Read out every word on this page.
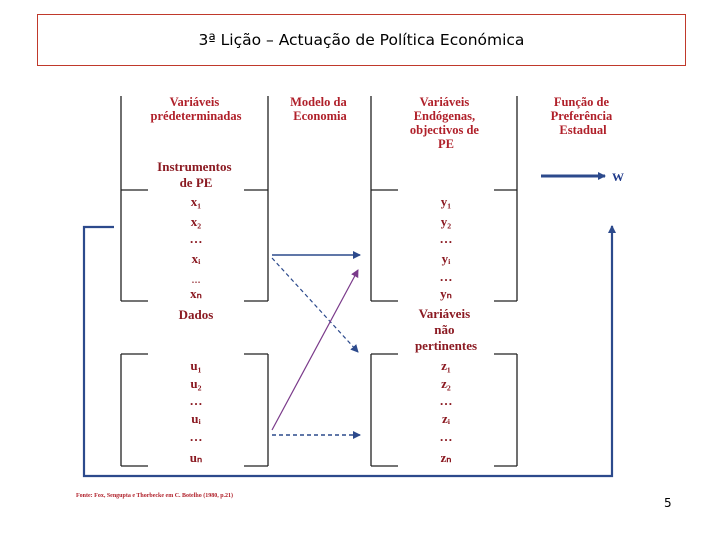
3ª Lição – Actuação de Política Económica
Variáveis prédeterminadas
Modelo da Economia
Variáveis Endógenas, objectivos de PE
Função de Preferência Estadual
Instrumentos de PE
x₁
x₂
…
xᵢ
…
xₙ
Dados
u₁
u₂
…
uᵢ
…
uₙ
y₁
y₂
…
yᵢ
…
yₙ
Variáveis não pertinentes
z₁
z₂
…
zᵢ
…
zₙ
W
Fonte: Fox, Sengupta e Thorbecke em C. Botelho (1980, p.21)	5
